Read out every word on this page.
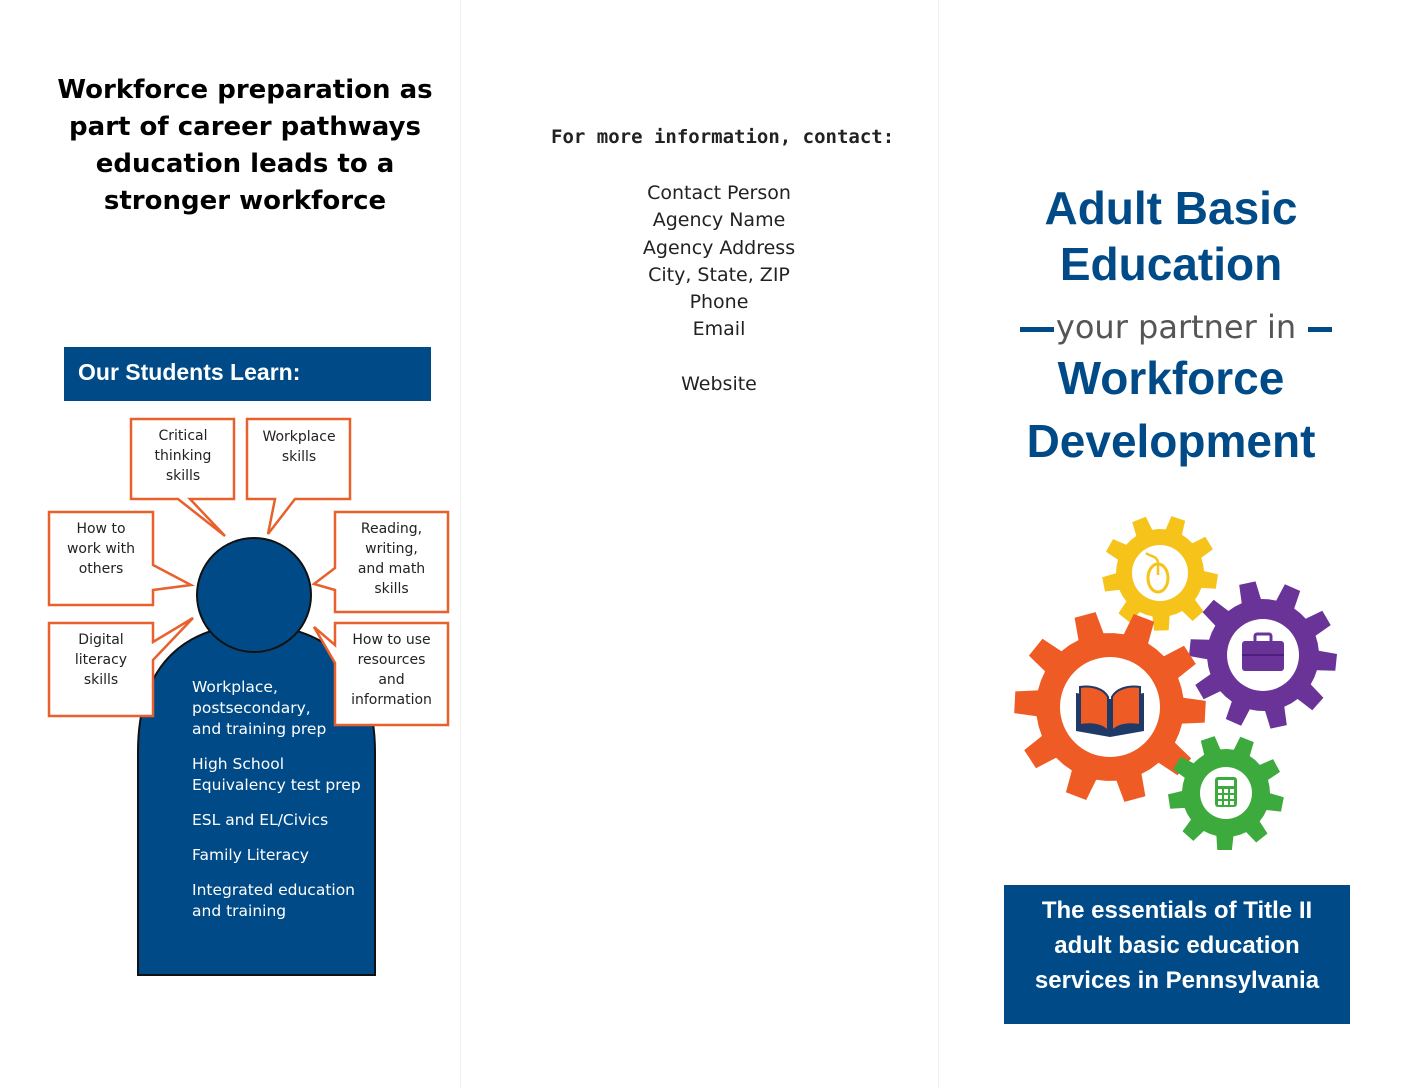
Workforce preparation as part of career pathways education leads to a stronger workforce
Our Students Learn:
Critical
thinking
skills
Workplace
skills
How to
work with
others
Reading,
writing,
and math
skills
Digital
literacy
skills
How to use
resources
and
information
Workplace,
postsecondary,
and training prep
High School
Equivalency test prep
ESL and EL/Civics
Family Literacy
Integrated education
and training
For more information, contact:
Contact Person
Agency Name
Agency Address
City, State, ZIP
Phone
Email
Website
Adult Basic
Education
your partner in
Workforce
Development
The essentials of Title II
adult basic education
services in Pennsylvania
